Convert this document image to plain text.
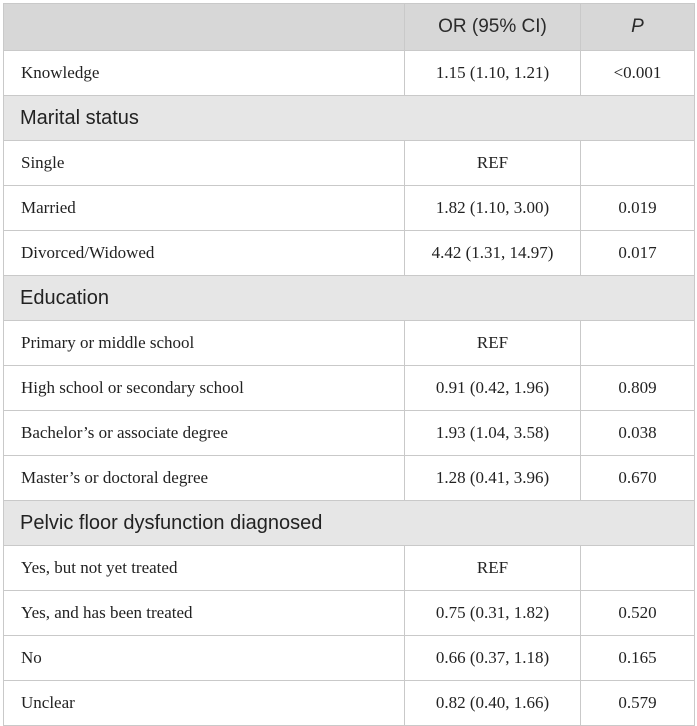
	OR (95% CI)	P
Knowledge	1.15 (1.10, 1.21)	<0.001
Marital status		
Single	REF	
Married	1.82 (1.10, 3.00)	0.019
Divorced/Widowed	4.42 (1.31, 14.97)	0.017
Education		
Primary or middle school	REF	
High school or secondary school	0.91 (0.42, 1.96)	0.809
Bachelor’s or associate degree	1.93 (1.04, 3.58)	0.038
Master’s or doctoral degree	1.28 (0.41, 3.96)	0.670
Pelvic floor dysfunction diagnosed		
Yes, but not yet treated	REF	
Yes, and has been treated	0.75 (0.31, 1.82)	0.520
No	0.66 (0.37, 1.18)	0.165
Unclear	0.82 (0.40, 1.66)	0.579
